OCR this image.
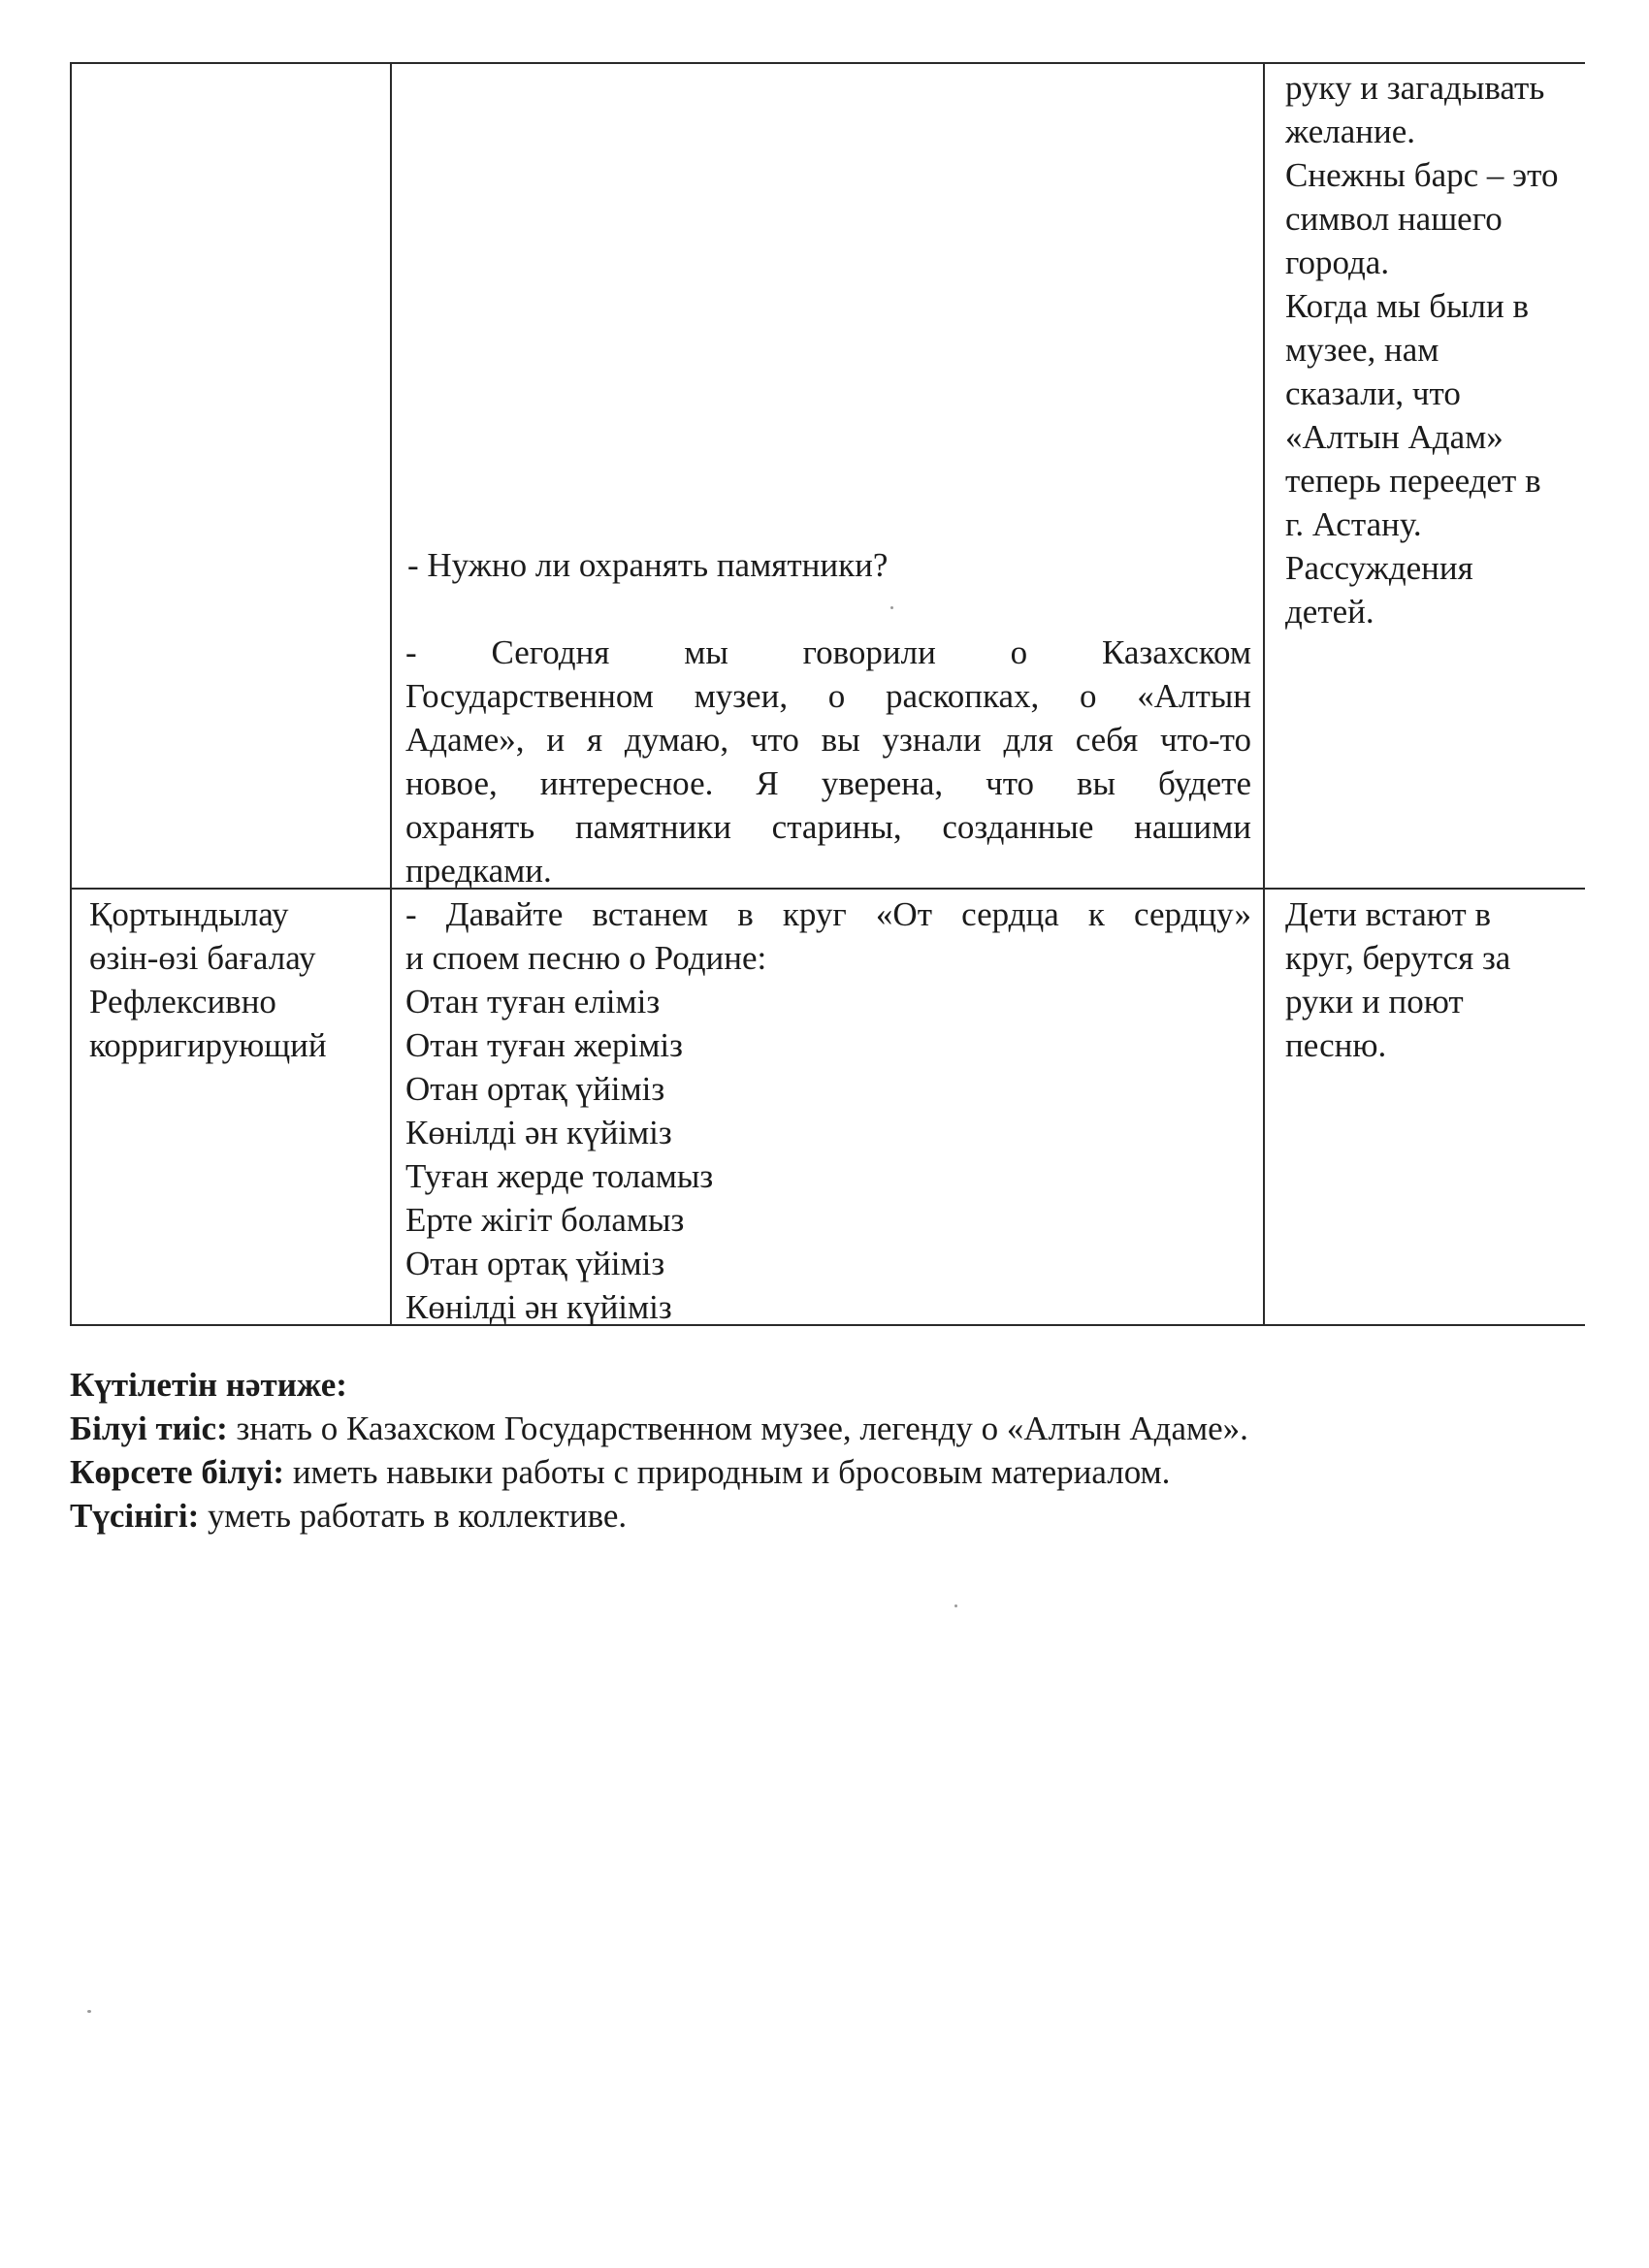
руку и загадывать
желание.
Снежны барс – это
символ нашего
города.
Когда мы были в
музее, нам
сказали, что
«Алтын Адам»
теперь переедет в
г. Астану.
Рассуждения
детей.
- Нужно ли охранять памятники?
- Сегодня мы говорили о Казахском
Государственном музеи, о раскопках, о «Алтын
Адаме», и я думаю, что вы узнали для себя что-то
новое, интересное. Я уверена, что вы будете
охранять памятники старины, созданные нашими
предками.
Қортындылау
өзін-өзі бағалау
Рефлексивно
корригирующий
- Давайте встанем в круг «От сердца к сердцу»
и споем песню о Родине:
Отан туған еліміз
Отан туған жеріміз
Отан ортақ үйіміз
Көнілді ән күйіміз
Туған жерде толамыз
Ерте жігіт боламыз
Отан ортақ үйіміз
Көнілді ән күйіміз
Дети встают в
круг, берутся за
руки и поют
песню.
Күтілетін нәтиже:
Білуі тиіс: знать о Казахском Государственном музее, легенду о «Алтын Адаме».
Көрсете білуі: иметь навыки работы с природным и бросовым материалом.
Түсінігі: уметь работать в коллективе.
